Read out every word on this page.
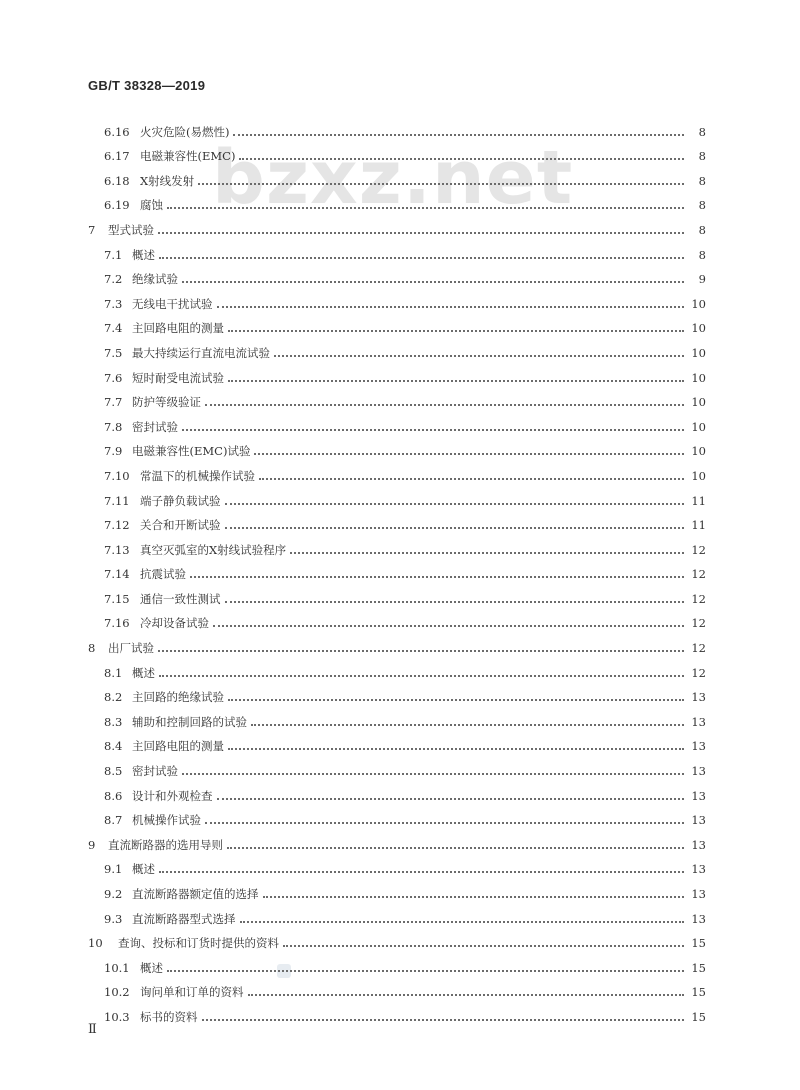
GB/T 38328—2019
bzxz.net
6.16 火灾危险(易燃性)	8
6.17 电磁兼容性(EMC)	8
6.18 X射线发射	8
6.19 腐蚀	8
7	型式试验	8
7.1 概述	8
7.2 绝缘试验	9
7.3 无线电干扰试验	10
7.4 主回路电阻的测量	10
7.5 最大持续运行直流电流试验	10
7.6 短时耐受电流试验	10
7.7 防护等级验证	10
7.8 密封试验	10
7.9 电磁兼容性(EMC)试验	10
7.10 常温下的机械操作试验	10
7.11 端子静负载试验	11
7.12 关合和开断试验	11
7.13 真空灭弧室的X射线试验程序	12
7.14 抗震试验	12
7.15 通信一致性测试	12
7.16 冷却设备试验	12
8	出厂试验	12
8.1 概述	12
8.2 主回路的绝缘试验	13
8.3 辅助和控制回路的试验	13
8.4 主回路电阻的测量	13
8.5 密封试验	13
8.6 设计和外观检查	13
8.7 机械操作试验	13
9	直流断路器的选用导则	13
9.1 概述	13
9.2 直流断路器额定值的选择	13
9.3 直流断路器型式选择	13
10	查询、投标和订货时提供的资料	15
10.1 概述	15
10.2 询问单和订单的资料	15
10.3 标书的资料	15
Ⅱ
